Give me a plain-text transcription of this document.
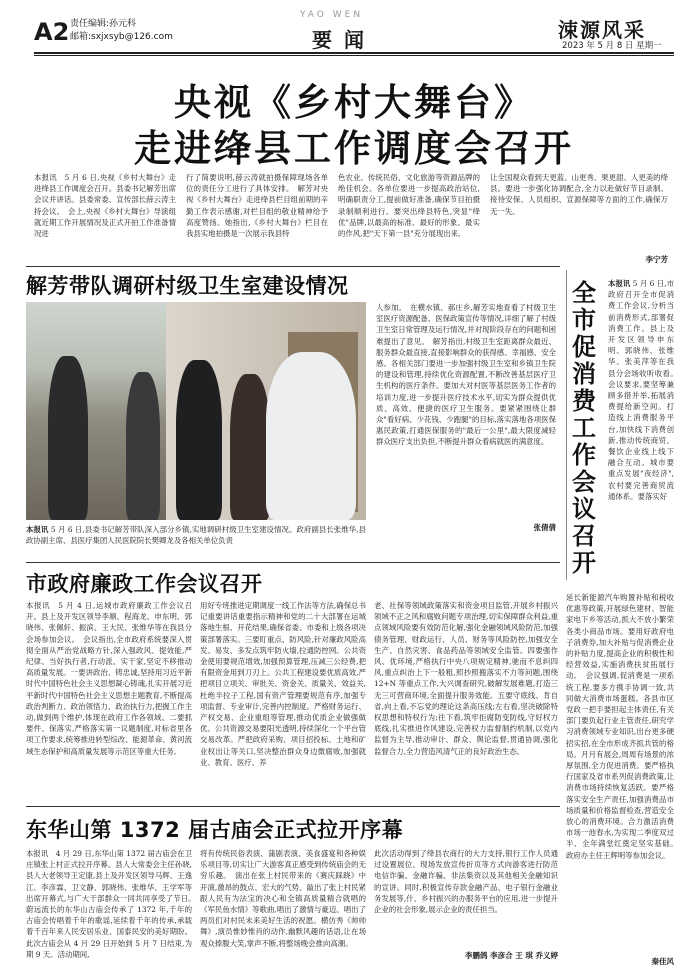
A2 责任编辑:孙元科
邮箱:sxjxsyb@126.com
YAO WEN
要闻	涑源风采
2023 年 5 月 8 日 星期一
央视《乡村大舞台》
走进绛县工作调度会召开
本报讯　5 月 6 日,央视《乡村大舞台》走进绛县工作调度会召开。县委书记解芳出席会议并讲话。县委常委、宣传部长薛云涛主持会议。　会上,央视《乡村大舞台》导演组就近期工作开展情况及正式开拍工作准备情况进
行了简要说明,薛云涛就拍摄保障现场各单位的责任分工进行了具体安排。　解芳对央视《乡村大舞台》走进绛县栏目组前期的辛勤工作表示感谢,对栏目组的敬业精神给予高度赞扬。她指出,《乡村大舞台》栏目在我县实地拍摄是一次展示我县特
色农业、传统民俗、文化旅游等资源品牌的绝佳机会。各单位要进一步提高政治站位,明确职责分工,提前做好准备,确保节目拍摄录制顺利进行。要突出绛县特色,突显"绛优"品牌,以最高的标准、最好的形象、最实的作风,把"天下第一县"充分展现出来,
让全国观众看到天更蓝、山更秀、果更甜、人更美的绛县。要进一步强化协调配合,全力以赴做好节目录制、接待安保、人员组织、宣源保障等方面的工作,确保万无一失。
李宁芳
解芳带队调研村级卫生室建设情况
本报讯 5 月 6 日,县委书记解芳带队深入部分乡镇,实地调研村级卫生室建设情况。政府副县长张维华,县政协副主席、县医疗集团人民医院院长樊卿龙及各相关单位负责
人参加。　在横水镇、郝庄乡,解芳实地查看了村级卫生室医疗资源配备、医保政策宣传等情况,详细了解了村级卫生室日常管理及运行情况,并对现阶段存在的问题和困难提出了意见。　解芳指出,村级卫生室距离群众最近、服务群众最直接,直接影响群众的获得感、幸福感、安全感。各相关部门要进一步加强村级卫生室和乡镇卫生院的建设和管理,持续优化资源配置,不断改善基层医疗卫生机构的医疗条件。要加大对村医等基层医务工作者的培训力度,进一步提升医疗技术水平,切实为群众提供优质、高效、便捷的医疗卫生服务。要紧紧围绕让群众"看好病、少花钱、少跑腿"的目标,落实落地各项医保惠民政策,打通医保服务的"最后一公里",最大限度减轻群众医疗支出负担,不断提升群众看病就医的满意度。
张倩倩
市政府廉政工作会议召开
本报讯　5 月 4 日,运城市政府廉政工作会议召开。县上及开发区领导李顺、程海龙、申东明、郭晓伟、张佩轩、振滨、王大民、张维华等在我县分会场参加会议。　会议指出,全市政府系统要深入贯彻全面从严治党战略方针,深入强政风、提效能,严纪律、当好执行者,行动派、实干家,坚定不移推动高质量发展。一要讲政治、铸忠诚,坚持用习近平新时代中国特色社会主义思想凝心铸魂,扎实开展习近平新时代中国特色社会主义思想主题教育,不断提高政治判断力、政治领悟力、政治执行力,把握工作主动,做到两个维护,体现在政府工作各领域。二要抓要件、保落实,严格落实第一议题制度,对标省里各项工作要求,统筹推进转型综改、能源革命、黄河流域生态保护和高质量发展等示范区等重大任务,
用好专班推进定期调度一线工作法等方法,确保总书记重要讲话重要指示精神和党的二十大部署在运城落地生根、开花结果,确保省委、市委和上级各项决策部署落实。三要盯重点、防风险,针对廉政风险高发、易发、多发点筑牢防火墙,拉通防控网。公共资金使用要规范增效,加强预算管理,压减三公经费,把有限资金用到刀刃上。公共工程建设要优质高效,严把项目立项关、审批关、资金关、质量关、效益关,杜绝半拉子工程,国有资产管理要规范有序,加强专项监督、专业审计,完善内控制度。严格财务运行、产权交易、企业重组等管理,推动优质企业做强做优。公共资源交易要阳光透明,持续深化一个平台管交易改革。严把政府采购、项目招投标、土地和矿业权出让等关口,坚决整治群众身边微腐败,加强就业、教育、医疗、养
老、社保等领域政策落实和资金项目监管,开展乡村振兴领域不正之风和腐败问题专项治理,切实保障群众利益,重点领域风险要有效防范化解,强化金融领域风险防范,加强债务管理、财政运行、人员、财务等风险防控,加强安全生产、自然灾害、食品药品等领域安全监管。四要强作风、优环境,严格执行中央八项规定精神,驰而不息纠四风,重点纠治上下一般粗,照抄照搬落实不力等问题,围绕 12+N 等重点工作,大兴调查研究,破解发展难题,打造三无三可营商环境,全面提升服务效能。五要守底线、肯自省,向上看,不忘党的理论这条高压线;左右看,坚决破除特权思想和特权行为;往下看,筑牢拒腐防变防线,守好权力底线,扎实推进作风建设,完善权力监督制约机制,以党内监督为主导,推动审计、群众、舆论监督,贯通协调,强化监督合力,全力营造风清气正的良好政治生态。
东华山第 1372 届古庙会正式拉开序幕
本报讯　4 月 29 日,东华山第 1372 届古庙会在卫庄镇张上村正式拉开序幕。县人大常委会主任孙晓,县人大老领导王定康,县上及开发区领导马辉、王逸江、李彦霖、卫文静、郭晓伟、张维华、王学军等出席开幕式,与广大干部群众一同共同享受了节日。　蔚远流长的东华山古庙会传承了 1372 年,千年的古庙会传唱着千年的歌谣,延续着千年的传承,承载着千百年来人民安居乐业、国泰民安的美好期盼。此次古庙会从 4 月 29 日开始到 5 月 7 日结束,为期 9 天。活动期间,
将有传统民俗表演、蒲剧表演、美食盛宴和各种娱乐项目等,切实让广大游客真正感受到传统庙会的无穷乐趣。　演出在张上村民带来的《赛庆踩跷》中开演,激昂的鼓点、宏大的气势、敲出了张上村民紧跟人民有为法宝的决心和全镇高质量精合就唱的《军民鱼水情》等歌曲,唱出了激情与豪迈。唱出了两员们对村民未来美好生活的祝愿。横仿秀《帅帅舞》,演员惟妙惟肖的动作,幽默风趣的话语,让在场观众捧腹大笑,掌声不断,将整场晚会推向高潮。
此次活动得到了绛县农商行的大力支持,银行工作人员通过设置展位、现场发放宣传折页等方式向游客进行防范电信诈骗、金融诈骗、非法集资以及其他相关金融知识的宣讲。同时,积极宣传存款金融产品、电子银行金融业务发展等,什、乡村振兴的办服务平台的应用,进一步提升企业的社会形象,展示企业的责任担当。
李鹏鸽 李彦合 王 琪 乔义婷
全市促消费工作会议召开
本报讯 5 月 6 日,市政府召开全市促消费工作会议,分析当前消费形式,部署促消费工作。县上及开发区领导申东明、郭晓伟、张维华、张美萍等在我县分会场收听收看。　会议要求,要坚筹兼顾多措并举,拓展消费提给新空间。打造线上消费服务平台,加快线下消费创新,推动传统商贸、餐饮企业线上线下融合互动。城市要重点发展"夜经济",农村要完善商贸流通体系。要落实好
延长新能源汽车购置补贴和税收优惠等政策,开展绿色建材、智能家电下乡等活动,抓大不放小繁荣各类小商品市场。要用好政府电子消费券,加大补贴与促消费企业的补贴力度,提高企业的积极性和经营效益,实施消费扶贫拓展行动。　会议强调,促消费是一项系统工程,要多方携手协调一致,共同做大消费市场蛋糕。各县市区党政一把手要担起主体责任,有关部门要负起行业主管责任,研究学习消费领域专业知识,出台更多硬招实招,在全市形成齐抓共管的格局。月月有展会,周周有场景的浓厚氛围,全力促进消费。要严格执行国家及省市系列促消费政策,让消费市场持续恢复活跃。要严格落实安全生产责任,加强消费品市场质量和价格监督检查,营造安全放心的消费环境。合力激活消费市场一池春水,为实现二季度双过半、全年满堂红奠定坚实基础。　政府办主任王辉明等参加会议。
秦佳风
